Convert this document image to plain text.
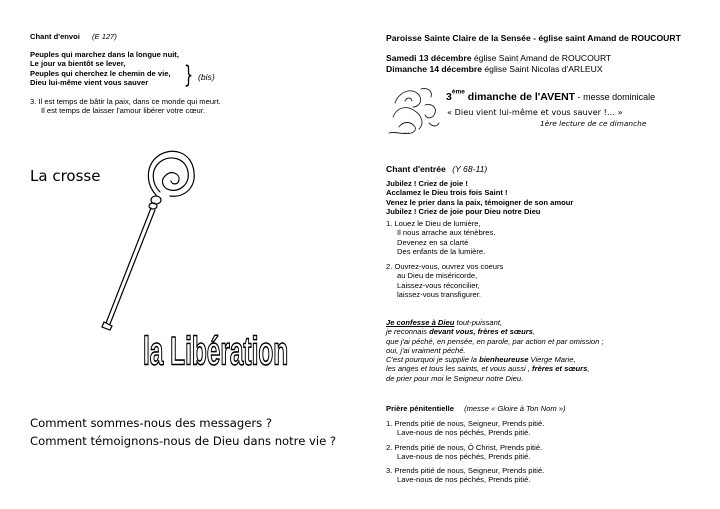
Chant d'envoi (E 127)
Peuples qui marchez dans la longue nuit,
Le jour va bientôt se lever,
Peuples qui cherchez le chemin de vie,
Dieu lui-même vient vous sauver	} (bis)
3. Il est temps de bâtir la paix, dans ce monde qui meurt.
Il est temps de laisser l'amour libérer votre cœur.
La crosse
la Libération
Comment sommes-nous des messagers ?
Comment témoignons-nous de Dieu dans notre vie ?
Paroisse Sainte Claire de la Sensée - église saint Amand de ROUCOURT
Samedi 13 décembre église Saint Amand de ROUCOURT
Dimanche 14 décembre église Saint Nicolas d'ARLEUX
3ème dimanche de l'AVENT - messe dominicale
« Dieu vient lui-même et vous sauver !… »
1ère lecture de ce dimanche
Chant d'entrée (Y 68-11)
Jubilez ! Criez de joie !
Acclamez le Dieu trois fois Saint !
Venez le prier dans la paix, témoigner de son amour
Jubilez ! Criez de joie pour Dieu notre Dieu
1. Louez le Dieu de lumière,
Il nous arrache aux ténèbres.
Devenez en sa clarté
Des enfants de la lumière.
2. Ouvrez-vous, ouvrez vos coeurs
au Dieu de miséricorde,
Laissez-vous réconcilier,
laissez-vous transfigurer.
Je confesse à Dieu tout-puissant,
je reconnais devant vous, frères et sœurs,
que j'ai péché, en pensée, en parole, par action et par omission ;
oui, j'ai vraiment péché.
C'est pourquoi je supplie la bienheureuse Vierge Marie,
les anges et tous les saints, et vous aussi , frères et sœurs,
de prier pour moi le Seigneur notre Dieu.
Prière pénitentielle (messe « Gloire à Ton Nom »)
1. Prends pitié de nous, Seigneur, Prends pitié.
Lave-nous de nos péchés, Prends pitié.
2. Prends pitié de nous, Ô Christ, Prends pitié.
Lave-nous de nos péchés, Prends pitié.
3. Prends pitié de nous, Seigneur, Prends pitié.
Lave-nous de nos péchés, Prends pitié.
